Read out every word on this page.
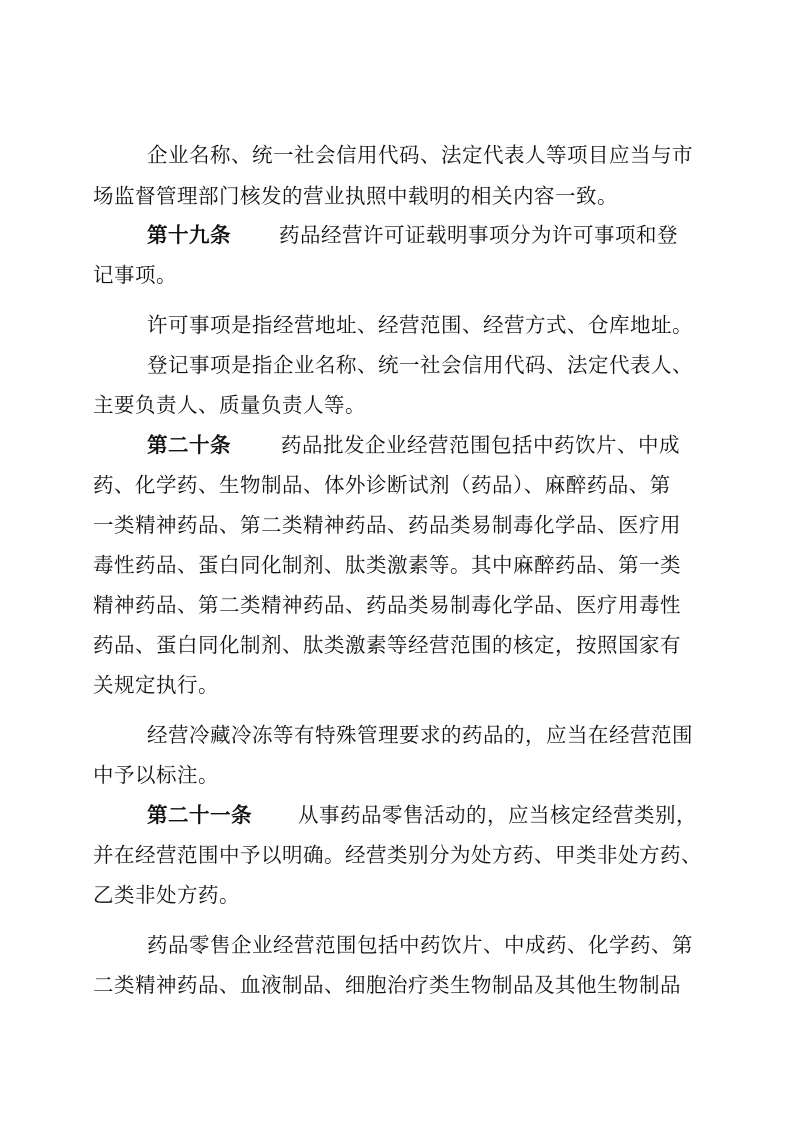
企业名称、统一社会信用代码、法定代表人等项目应当与市
场监督管理部门核发的营业执照中载明的相关内容一致。
第十九条 药品经营许可证载明事项分为许可事项和登
记事项。
许可事项是指经营地址、经营范围、经营方式、仓库地址。
登记事项是指企业名称、统一社会信用代码、法定代表人、
主要负责人、质量负责人等。
第二十条 药品批发企业经营范围包括中药饮片、中成
药、化学药、生物制品、体外诊断试剂（药品）、麻醉药品、第
一类精神药品、第二类精神药品、药品类易制毒化学品、医疗用
毒性药品、蛋白同化制剂、肽类激素等。其中麻醉药品、第一类
精神药品、第二类精神药品、药品类易制毒化学品、医疗用毒性
药品、蛋白同化制剂、肽类激素等经营范围的核定，按照国家有
关规定执行。
经营冷藏冷冻等有特殊管理要求的药品的，应当在经营范围
中予以标注。
第二十一条 从事药品零售活动的，应当核定经营类别，
并在经营范围中予以明确。经营类别分为处方药、甲类非处方药、
乙类非处方药。
药品零售企业经营范围包括中药饮片、中成药、化学药、第
二类精神药品、血液制品、细胞治疗类生物制品及其他生物制品
